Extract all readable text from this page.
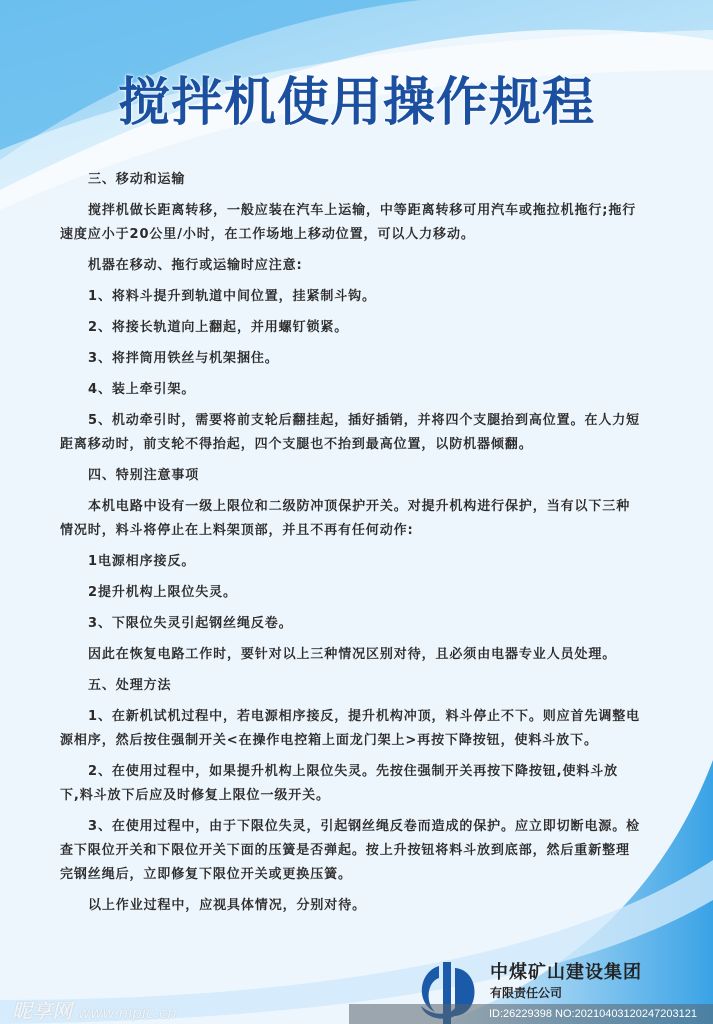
搅拌机使用操作规程
三、移动和运输
搅拌机做长距离转移，一般应装在汽车上运输，中等距离转移可用汽车或拖拉机拖行;拖行
速度应小于20公里/小时，在工作场地上移动位置，可以人力移动。
机器在移动、拖行或运输时应注意:
1、将料斗提升到轨道中间位置，挂紧制斗钩。
2、将接长轨道向上翻起，并用螺钉锁紧。
3、将拌筒用铁丝与机架捆住。
4、装上牵引架。
5、机动牵引时，需要将前支轮后翻挂起，插好插销，并将四个支腿抬到高位置。在人力短
距离移动时，前支轮不得抬起，四个支腿也不抬到最高位置，以防机器倾翻。
四、特别注意事项
本机电路中设有一级上限位和二级防冲顶保护开关。对提升机构进行保护，当有以下三种
情况时，料斗将停止在上料架顶部，并且不再有任何动作:
1电源相序接反。
2提升机构上限位失灵。
3、下限位失灵引起钢丝绳反卷。
因此在恢复电路工作时，要针对以上三种情况区别对待，且必须由电器专业人员处理。
五、处理方法
1、在新机试机过程中，若电源相序接反，提升机构冲顶，料斗停止不下。则应首先调整电
源相序，然后按住强制开关<在操作电控箱上面龙门架上>再按下降按钮，使料斗放下。
2、在使用过程中，如果提升机构上限位失灵。先按住强制开关再按下降按钮,使料斗放
下,料斗放下后应及时修复上限位一级开关。
3、在使用过程中，由于下限位失灵，引起钢丝绳反卷而造成的保护。应立即切断电源。检
查下限位开关和下限位开关下面的压簧是否弹起。按上升按钮将料斗放到底部，然后重新整理
完钢丝绳后，立即修复下限位开关或更换压簧。
以上作业过程中，应视具体情况，分别对待。
中煤矿山建设集团
有限责任公司
昵享网 www.nipic.cn	ID:26229398 NO:20210403120247203121
